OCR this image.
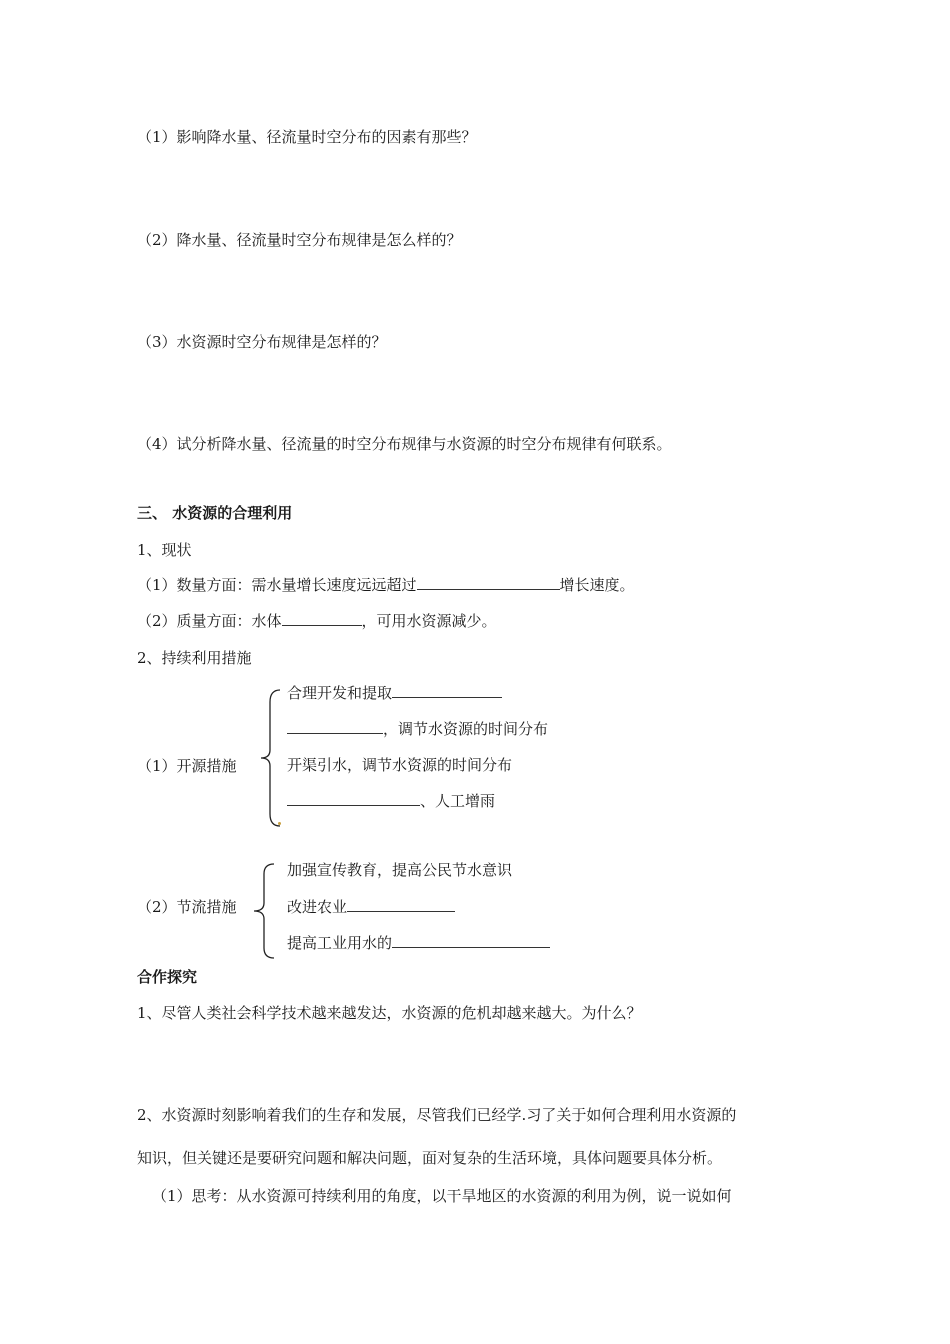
（1）影响降水量、径流量时空分布的因素有那些？
（2）降水量、径流量时空分布规律是怎么样的？
（3）水资源时空分布规律是怎样的？
（4）试分析降水量、径流量的时空分布规律与水资源的时空分布规律有何联系。
三、 水资源的合理利用
1、现状
（1）数量方面：需水量增长速度远远超过	增长速度。
（2）质量方面：水体	，可用水资源减少。
2、持续利用措施
（1）开源措施
合理开发和提取
，调节水资源的时间分布
开渠引水，调节水资源的时间分布
、人工增雨
（2）节流措施
加强宣传教育，提高公民节水意识
改进农业
提高工业用水的
合作探究
1、尽管人类社会科学技术越来越发达，水资源的危机却越来越大。为什么？
2、水资源时刻影响着我们的生存和发展，尽管我们已经学.习了关于如何合理利用水资源的
知识，但关键还是要研究问题和解决问题，面对复杂的生活环境，具体问题要具体分析。
（1）思考：从水资源可持续利用的角度，以干旱地区的水资源的利用为例，说一说如何
